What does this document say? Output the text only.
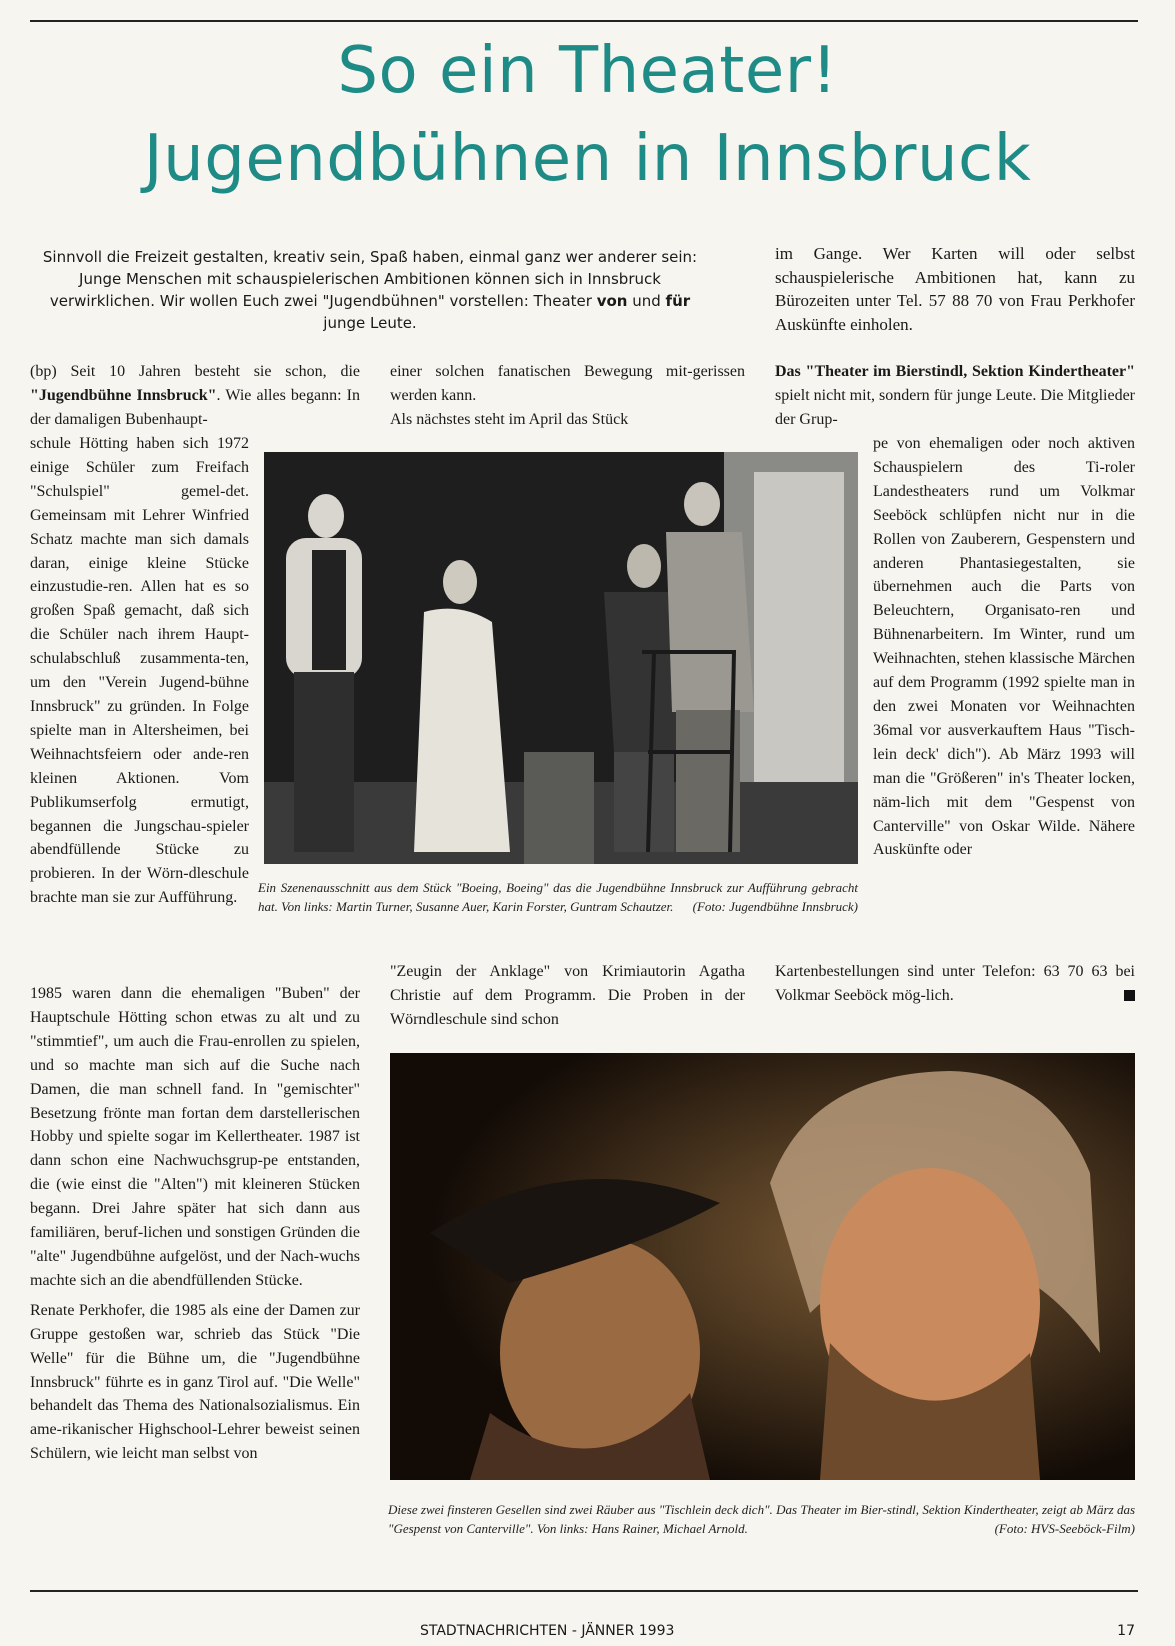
So ein Theater!
Jugendbühnen in Innsbruck
Sinnvoll die Freizeit gestalten, kreativ sein, Spaß haben, einmal ganz wer anderer sein: Junge Menschen mit schauspielerischen Ambitionen können sich in Innsbruck verwirklichen. Wir wollen Euch zwei "Jugendbühnen" vorstellen: Theater von und für junge Leute.
im Gange. Wer Karten will oder selbst schauspielerische Ambitionen hat, kann zu Bürozeiten unter Tel. 57 88 70 von Frau Perkhofer Auskünfte einholen.
(bp) Seit 10 Jahren besteht sie schon, die "Jugendbühne Innsbruck". Wie alles begann: In der damaligen Bubenhaupt-
schule Hötting haben sich 1972 einige Schüler zum Freifach "Schulspiel" gemel-det. Gemeinsam mit Lehrer Winfried Schatz machte man sich damals daran, einige kleine Stücke einzustudie-ren. Allen hat es so großen Spaß gemacht, daß sich die Schüler nach ihrem Haupt-schulabschluß zusammenta-ten, um den "Verein Jugend-bühne Innsbruck" zu gründen. In Folge spielte man in Altersheimen, bei Weihnachtsfeiern oder ande-ren kleinen Aktionen. Vom Publikumserfolg ermutigt, begannen die Jungschau-spieler abendfüllende Stücke zu probieren. In der Wörn-dleschule brachte man sie zur Aufführung.

1985 waren dann die ehemaligen "Buben" der Hauptschule Hötting schon etwas zu alt und zu "stimmtief", um auch die Frau-enrollen zu spielen, und so machte man sich auf die Suche nach Damen, die man schnell fand. In "gemischter" Besetzung frönte man fortan dem darstellerischen Hobby und spielte sogar im Kellertheater. 1987 ist dann schon eine Nachwuchsgrup-pe entstanden, die (wie einst die "Alten") mit kleineren Stücken begann. Drei Jahre später hat sich dann aus familiären, beruf-lichen und sonstigen Gründen die "alte" Jugendbühne aufgelöst, und der Nach-wuchs machte sich an die abendfüllenden Stücke.

Renate Perkhofer, die 1985 als eine der Damen zur Gruppe gestoßen war, schrieb das Stück "Die Welle" für die Bühne um, die "Jugendbühne Innsbruck" führte es in ganz Tirol auf. "Die Welle" behandelt das Thema des Nationalsozialismus. Ein ame-rikanischer Highschool-Lehrer beweist seinen Schülern, wie leicht man selbst von

einer solchen fanatischen Bewegung mit-gerissen werden kann.
Als nächstes steht im April das Stück
"Zeugin der Anklage" von Krimiautorin Agatha Christie auf dem Programm. Die Proben in der Wörndleschule sind schon
Das "Theater im Bierstindl, Sektion Kindertheater" spielt nicht mit, sondern für junge Leute. Die Mitglieder der Grup-
pe von ehemaligen oder noch aktiven Schauspielern des Ti-roler Landestheaters rund um Volkmar Seeböck schlüpfen nicht nur in die Rollen von Zauberern, Gespenstern und anderen Phantasiegestalten, sie übernehmen auch die Parts von Beleuchtern, Organisato-ren und Bühnenarbeitern. Im Winter, rund um Weihnachten, stehen klassische Märchen auf dem Programm (1992 spielte man in den zwei Monaten vor Weihnachten 36mal vor ausverkauftem Haus "Tisch-lein deck' dich"). Ab März 1993 will man die "Größeren" in's Theater locken, näm-lich mit dem "Gespenst von Canterville" von Oskar Wilde. Nähere Auskünfte oder
Kartenbestellungen sind unter Telefon: 63 70 63 bei Volkmar Seeböck mög-lich.
Ein Szenenausschnitt aus dem Stück "Boeing, Boeing" das die Jugendbühne Innsbruck zur Aufführung gebracht hat. Von links: Martin Turner, Susanne Auer, Karin Forster, Guntram Schautzer. (Foto: Jugendbühne Innsbruck)
Diese zwei finsteren Gesellen sind zwei Räuber aus "Tischlein deck dich". Das Theater im Bier-stindl, Sektion Kindertheater, zeigt ab März das "Gespenst von Canterville". Von links: Hans Rainer, Michael Arnold.	(Foto: HVS-Seeböck-Film)
STADTNACHRICHTEN - JÄNNER 1993	17
